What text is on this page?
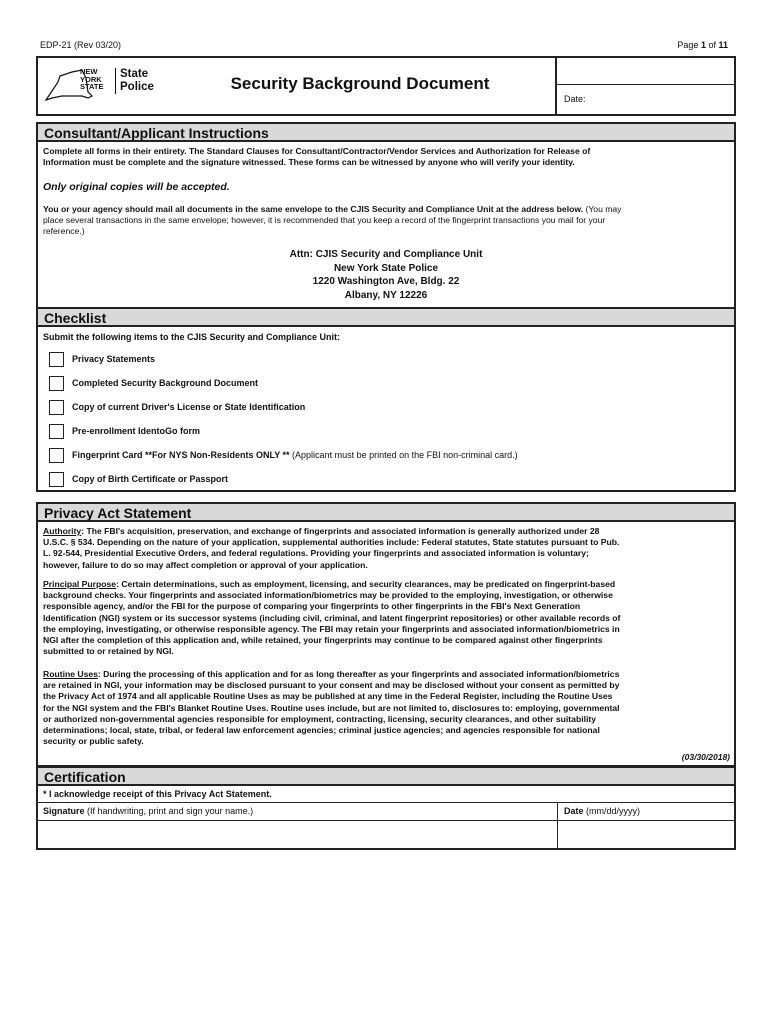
EDP-21 (Rev 03/20)	Page 1 of 11
Date:
NEW
YORK
STATE
State
Police	Security Background Document
Consultant/Applicant Instructions
Complete all forms in their entirety. The Standard Clauses for Consultant/Contractor/Vendor Services and Authorization for Release of
Information must be complete and the signature witnessed. These forms can be witnessed by anyone who will verify your identity.
Only original copies will be accepted.
You or your agency should mail all documents in the same envelope to the CJIS Security and Compliance Unit at the address below. (You may
place several transactions in the same envelope; however, it is recommended that you keep a record of the fingerprint transactions you mail for your
reference.)
Attn: CJIS Security and Compliance Unit
New York State Police
1220 Washington Ave, Bldg. 22
Albany, NY 12226
Checklist
Submit the following items to the CJIS Security and Compliance Unit:
Privacy Statements
Completed Security Background Document
Copy of current Driver's License or State Identification
Pre-enrollment IdentoGo form
Fingerprint Card **For NYS Non-Residents ONLY ** (Applicant must be printed on the FBI non-criminal card.)
Copy of Birth Certificate or Passport
Privacy Act Statement
Authority: The FBI's acquisition, preservation, and exchange of fingerprints and associated information is generally authorized under 28
U.S.C. § 534. Depending on the nature of your application, supplemental authorities include: Federal statutes, State statutes pursuant to Pub.
L. 92-544, Presidential Executive Orders, and federal regulations. Providing your fingerprints and associated information is voluntary;
however, failure to do so may affect completion or approval of your application.
Principal Purpose: Certain determinations, such as employment, licensing, and security clearances, may be predicated on fingerprint-based
background checks. Your fingerprints and associated information/biometrics may be provided to the employing, investigation, or otherwise
responsible agency, and/or the FBI for the purpose of comparing your fingerprints to other fingerprints in the FBI's Next Generation
Identification (NGI) system or its successor systems (including civil, criminal, and latent fingerprint repositories) or other available records of
the employing, investigating, or otherwise responsible agency. The FBI may retain your fingerprints and associated information/biometrics in
NGI after the completion of this application and, while retained, your fingerprints may continue to be compared against other fingerprints
submitted to or retained by NGI.
Routine Uses: During the processing of this application and for as long thereafter as your fingerprints and associated information/biometrics
are retained in NGI, your information may be disclosed pursuant to your consent and may be disclosed without your consent as permitted by
the Privacy Act of 1974 and all applicable Routine Uses as may be published at any time in the Federal Register, including the Routine Uses
for the NGI system and the FBI's Blanket Routine Uses. Routine uses include, but are not limited to, disclosures to: employing, governmental
or authorized non-governmental agencies responsible for employment, contracting, licensing, security clearances, and other suitability
determinations; local, state, tribal, or federal law enforcement agencies; criminal justice agencies; and agencies responsible for national
security or public safety.
(03/30/2018)
Certification
* I acknowledge receipt of this Privacy Act Statement.
Signature (If handwriting, print and sign your name.)	Date (mm/dd/yyyy)
